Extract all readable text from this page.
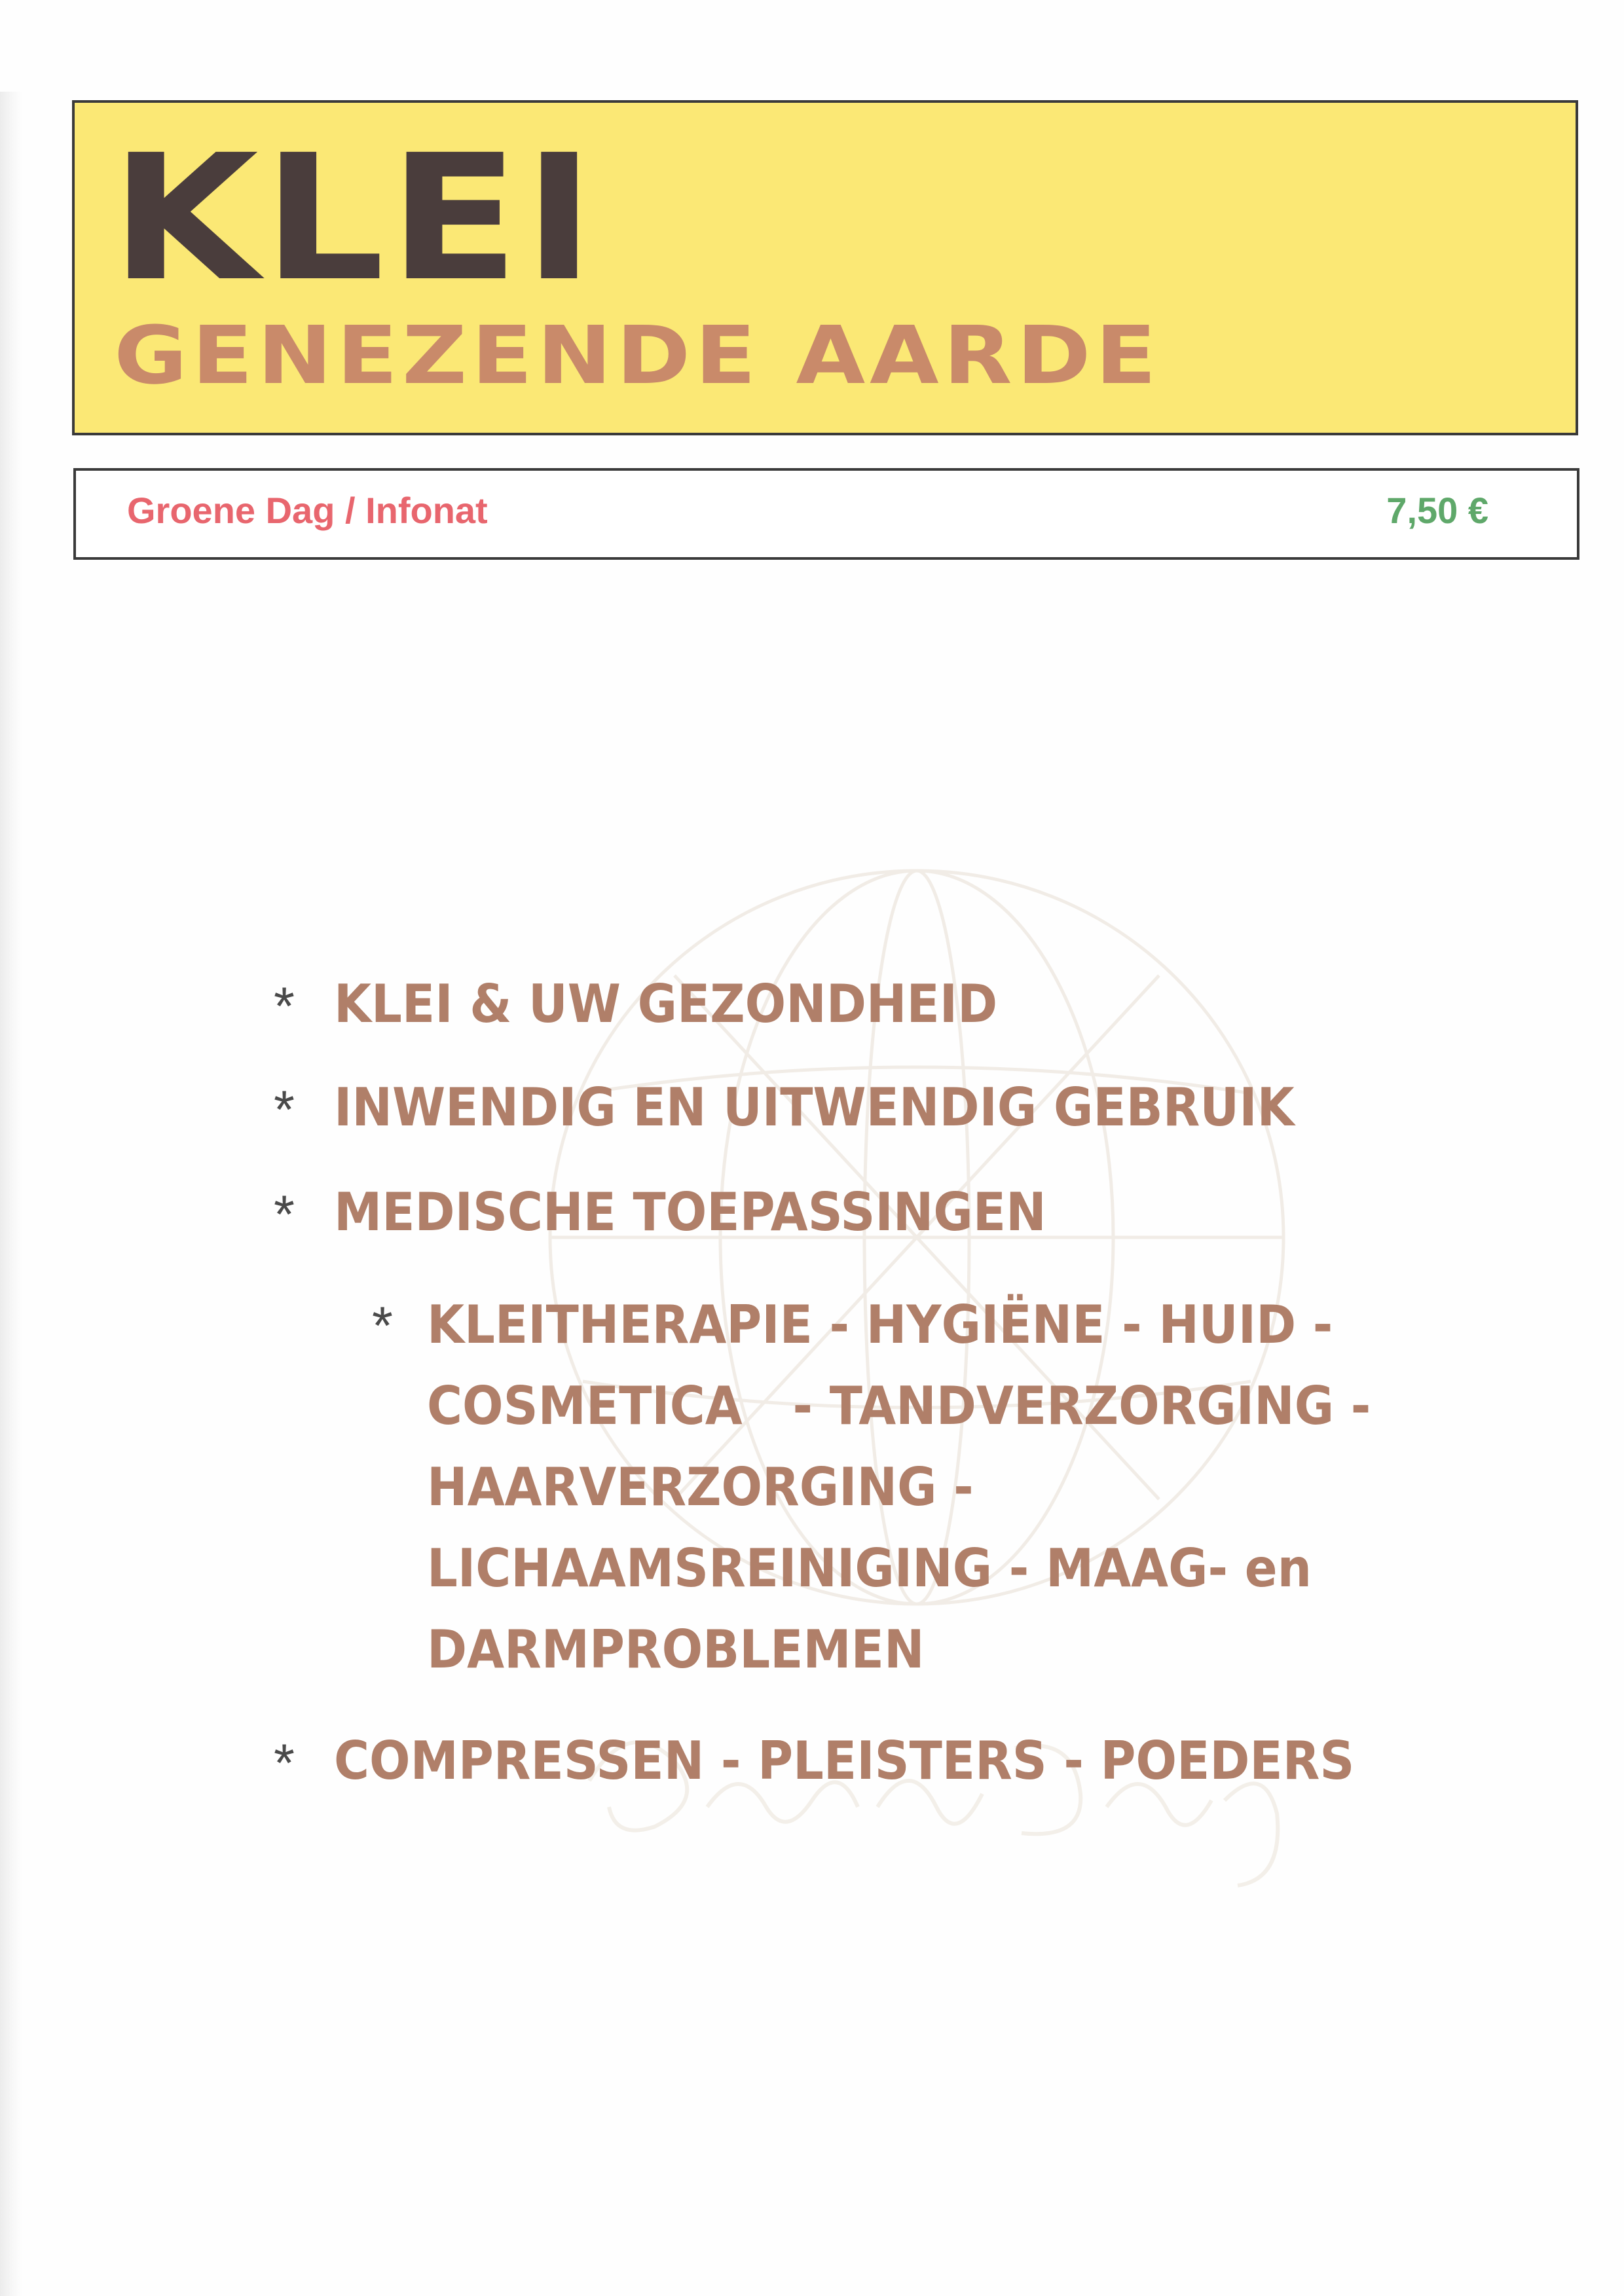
KLEI
GENEZENDE AARDE
Groene Dag / Infonat	7,50 €

* KLEI & UW GEZONDHEID

* INWENDIG EN UITWENDIG GEBRUIK

* MEDISCHE TOEPASSINGEN

* KLEITHERAPIE - HYGIËNE - HUID -
COSMETICA   - TANDVERZORGING -
HAARVERZORGING -
LICHAAMSREINIGING - MAAG- en
DARMPROBLEMEN

* COMPRESSEN - PLEISTERS - POEDERS
